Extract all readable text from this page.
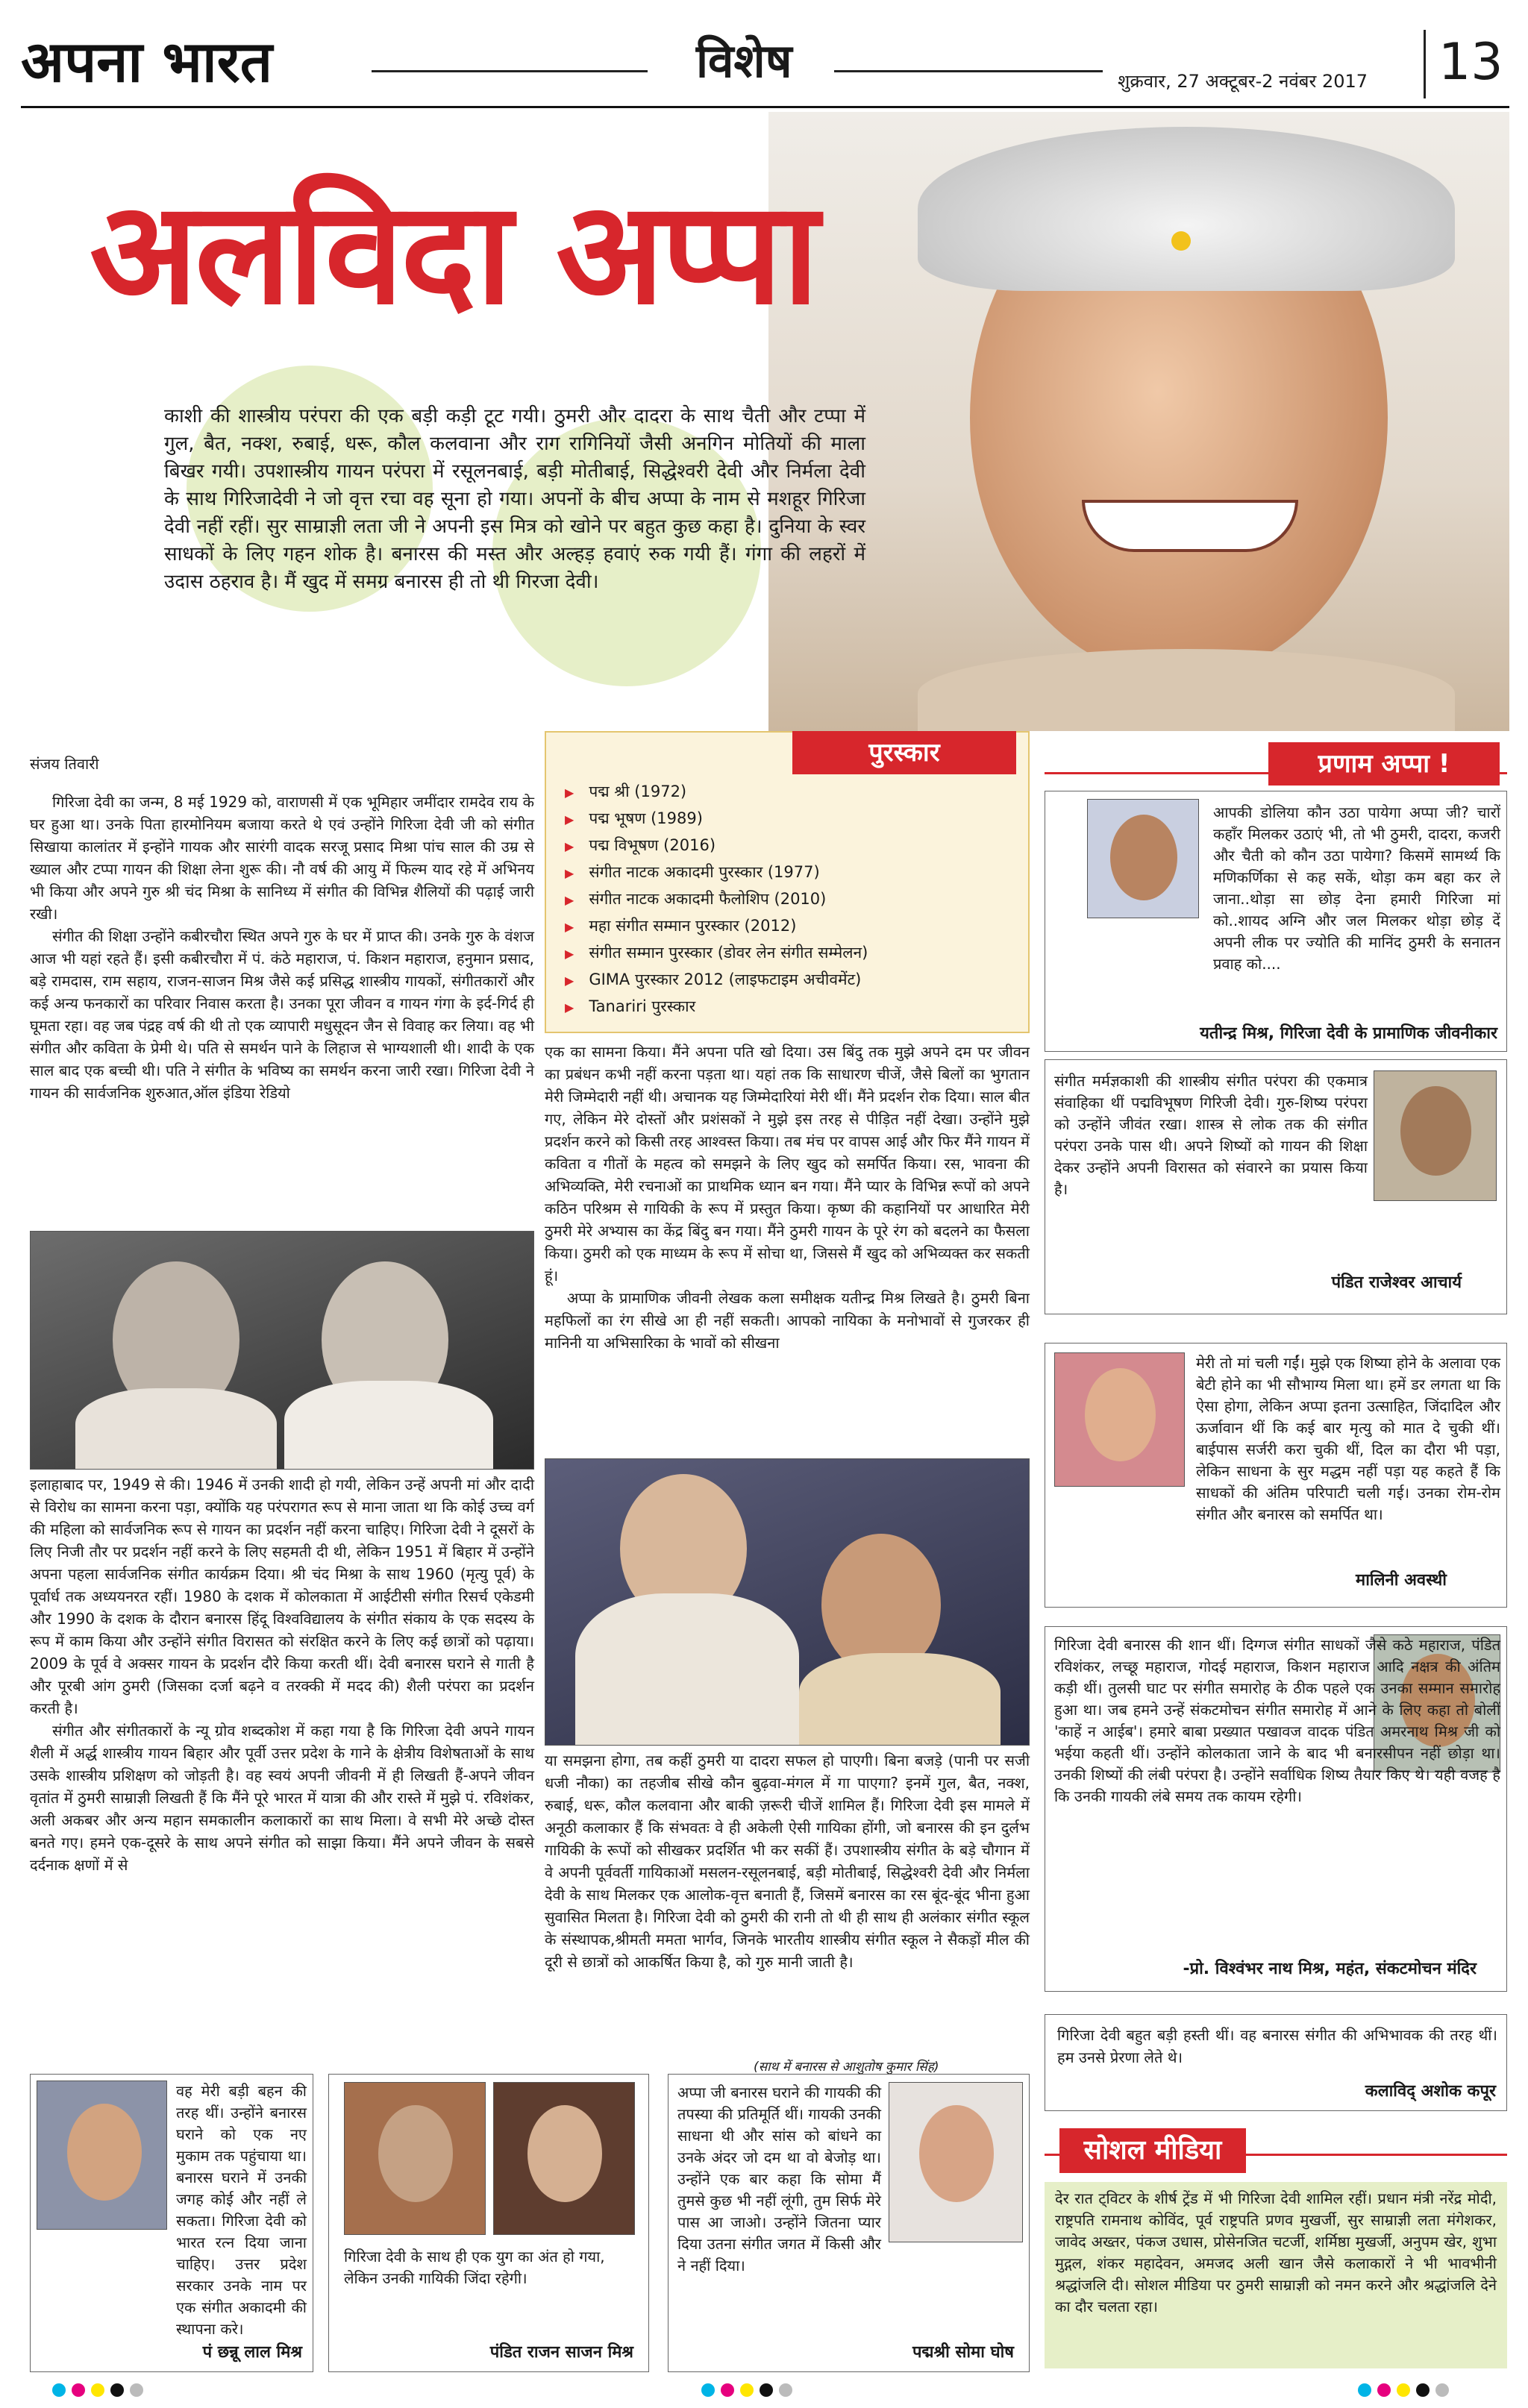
अपना भारत	विशेष	शुक्रवार, 27 अक्टूबर-2 नवंबर 2017 13
अलविदा अप्पा
काशी की शास्त्रीय परंपरा की एक बड़ी कड़ी टूट गयी। ठुमरी और दादरा के साथ चैती और टप्पा में गुल, बैत, नक्श, रुबाई, धरू, कौल कलवाना और राग रागिनियों जैसी अनगिन मोतियों की माला बिखर गयी। उपशास्त्रीय गायन परंपरा में रसूलनबाई, बड़ी मोतीबाई, सिद्धेश्वरी देवी और निर्मला देवी के साथ गिरिजादेवी ने जो वृत्त रचा वह सूना हो गया। अपनों के बीच अप्पा के नाम से मशहूर गिरिजा देवी नहीं रहीं। सुर साम्राज्ञी लता जी ने अपनी इस मित्र को खोने पर बहुत कुछ कहा है। दुनिया के स्वर साधकों के लिए गहन शोक है। बनारस की मस्त और अल्हड़ हवाएं रुक गयी हैं। गंगा की लहरों में उदास ठहराव है। मैं खुद में समग्र बनारस ही तो थी गिरजा देवी।
संजय तिवारी

गिरिजा देवी का जन्म, 8 मई 1929 को, वाराणसी में एक भूमिहार जमींदार रामदेव राय के घर हुआ था। उनके पिता हारमोनियम बजाया करते थे एवं उन्होंने गिरिजा देवी जी को संगीत सिखाया कालांतर में इन्होंने गायक और सारंगी वादक सरजू प्रसाद मिश्रा पांच साल की उम्र से ख्याल और टप्पा गायन की शिक्षा लेना शुरू की। नौ वर्ष की आयु में फिल्म याद रहे में अभिनय भी किया और अपने गुरु श्री चंद मिश्रा के सानिध्य में संगीत की विभिन्न शैलियों की पढ़ाई जारी रखी।

संगीत की शिक्षा उन्होंने कबीरचौरा स्थित अपने गुरु के घर में प्राप्त की। उनके गुरु के वंशज आज भी यहां रहते हैं। इसी कबीरचौरा में पं. कंठे महाराज, पं. किशन महाराज, हनुमान प्रसाद, बड़े रामदास, राम सहाय, राजन-साजन मिश्र जैसे कई प्रसिद्ध शास्त्रीय गायकों, संगीतकारों और कई अन्य फनकारों का परिवार निवास करता है। उनका पूरा जीवन व गायन गंगा के इर्द-गिर्द ही घूमता रहा। वह जब पंद्रह वर्ष की थी तो एक व्यापारी मधुसूदन जैन से विवाह कर लिया। वह भी संगीत और कविता के प्रेमी थे। पति से समर्थन पाने के लिहाज से भाग्यशाली थी। शादी के एक साल बाद एक बच्ची थी। पति ने संगीत के भविष्य का समर्थन करना जारी रखा। गिरिजा देवी ने गायन की सार्वजनिक शुरुआत,ऑल इंडिया रेडियो

इलाहाबाद पर, 1949 से की। 1946 में उनकी शादी हो गयी, लेकिन उन्हें अपनी मां और दादी से विरोध का सामना करना पड़ा, क्योंकि यह परंपरागत रूप से माना जाता था कि कोई उच्च वर्ग की महिला को सार्वजनिक रूप से गायन का प्रदर्शन नहीं करना चाहिए। गिरिजा देवी ने दूसरों के लिए निजी तौर पर प्रदर्शन नहीं करने के लिए सहमती दी थी, लेकिन 1951 में बिहार में उन्होंने अपना पहला सार्वजनिक संगीत कार्यक्रम दिया। श्री चंद मिश्रा के साथ 1960 (मृत्यु पूर्व) के पूर्वार्ध तक अध्ययनरत रहीं। 1980 के दशक में कोलकाता में आईटीसी संगीत रिसर्च एकेडमी और 1990 के दशक के दौरान बनारस हिंदू विश्वविद्यालय के संगीत संकाय के एक सदस्य के रूप में काम किया और उन्होंने संगीत विरासत को संरक्षित करने के लिए कई छात्रों को पढ़ाया। 2009 के पूर्व वे अक्सर गायन के प्रदर्शन दौरे किया करती थीं। देवी बनारस घराने से गाती है और पूरबी आंग ठुमरी (जिसका दर्जा बढ़ने व तरक्की में मदद की) शैली परंपरा का प्रदर्शन करती है।

संगीत और संगीतकारों के न्यू ग्रोव शब्दकोश में कहा गया है कि गिरिजा देवी अपने गायन शैली में अर्द्ध शास्त्रीय गायन बिहार और पूर्वी उत्तर प्रदेश के गाने के क्षेत्रीय विशेषताओं के साथ उसके शास्त्रीय प्रशिक्षण को जोड़ती है। वह स्वयं अपनी जीवनी में ही लिखती हैं-अपने जीवन वृतांत में ठुमरी साम्राज्ञी लिखती हैं कि मैंने पूरे भारत में यात्रा की और रास्ते में मुझे पं. रविशंकर, अली अकबर और अन्य महान समकालीन कलाकारों का साथ मिला। वे सभी मेरे अच्छे दोस्त बनते गए। हमने एक-दूसरे के साथ अपने संगीत को साझा किया। मैंने अपने जीवन के सबसे दर्दनाक क्षणों में से

पुरस्कार
▶ पद्म श्री (1972)
▶ पद्म भूषण (1989)
▶ पद्म विभूषण (2016)
▶ संगीत नाटक अकादमी पुरस्कार (1977)
▶ संगीत नाटक अकादमी फैलोशिप (2010)
▶ महा संगीत सम्मान पुरस्कार (2012)
▶ संगीत सम्मान पुरस्कार (डोवर लेन संगीत सम्मेलन)
▶ GIMA पुरस्कार 2012 (लाइफटाइम अचीवमेंट)
▶ Tanariri पुरस्कार

एक का सामना किया। मैंने अपना पति खो दिया। उस बिंदु तक मुझे अपने दम पर जीवन का प्रबंधन कभी नहीं करना पड़ता था। यहां तक कि साधारण चीजें, जैसे बिलों का भुगतान मेरी जिम्मेदारी नहीं थी। अचानक यह जिम्मेदारियां मेरी थीं। मैंने प्रदर्शन रोक दिया। साल बीत गए, लेकिन मेरे दोस्तों और प्रशंसकों ने मुझे इस तरह से पीड़ित नहीं देखा। उन्होंने मुझे प्रदर्शन करने को किसी तरह आश्वस्त किया। तब मंच पर वापस आई और फिर मैंने गायन में कविता व गीतों के महत्व को समझने के लिए खुद को समर्पित किया। रस, भावना की अभिव्यक्ति, मेरी रचनाओं का प्राथमिक ध्यान बन गया। मैंने प्यार के विभिन्न रूपों को अपने कठिन परिश्रम से गायिकी के रूप में प्रस्तुत किया। कृष्ण की कहानियों पर आधारित मेरी ठुमरी मेरे अभ्यास का केंद्र बिंदु बन गया। मैंने ठुमरी गायन के पूरे रंग को बदलने का फैसला किया। ठुमरी को एक माध्यम के रूप में सोचा था, जिससे मैं खुद को अभिव्यक्त कर सकती हूं।

अप्पा के प्रामाणिक जीवनी लेखक कला समीक्षक यतीन्द्र मिश्र लिखते है। ठुमरी बिना महफिलों का रंग सीखे आ ही नहीं सकती। आपको नायिका के मनोभावों से गुजरकर ही मानिनी या अभिसारिका के भावों को सीखना

या समझना होगा, तब कहीं ठुमरी या दादरा सफल हो पाएगी। बिना बजड़े (पानी पर सजी धजी नौका) का तहजीब सीखे कौन बुढ़वा-मंगल में गा पाएगा? इनमें गुल, बैत, नक्श, रुबाई, धरू, कौल कलवाना और बाकी ज़रूरी चीजें शामिल हैं। गिरिजा देवी इस मामले में अनूठी कलाकार हैं कि संभवतः वे ही अकेली ऐसी गायिका होंगी, जो बनारस की इन दुर्लभ गायिकी के रूपों को सीखकर प्रदर्शित भी कर सकीं हैं। उपशास्त्रीय संगीत के बड़े चौगान में वे अपनी पूर्ववर्ती गायिकाओं मसलन-रसूलनबाई, बड़ी मोतीबाई, सिद्धेश्वरी देवी और निर्मला देवी के साथ मिलकर एक आलोक-वृत्त बनाती हैं, जिसमें बनारस का रस बूंद-बूंद भीना हुआ सुवासित मिलता है। गिरिजा देवी को ठुमरी की रानी तो थी ही साथ ही अलंकार संगीत स्कूल के संस्थापक,श्रीमती ममता भार्गव, जिनके भारतीय शास्त्रीय संगीत स्कूल ने सैकड़ों मील की दूरी से छात्रों को आकर्षित किया है, को गुरु मानी जाती है।

(साथ में बनारस से आशुतोष कुमार सिंह)
प्रणाम अप्पा !
आपकी डोलिया कौन उठा पायेगा अप्पा जी? चारों कहाँर मिलकर उठाएं भी, तो भी ठुमरी, दादरा, कजरी और चैती को कौन उठा पायेगा? किसमें सामर्थ्य कि मणिकर्णिका से कह सकें, थोड़ा कम बहा कर ले जाना..थोड़ा सा छोड़ देना हमारी गिरिजा मां को..शायद अग्नि और जल मिलकर थोड़ा छोड़ दें अपनी लीक पर ज्योति की मानिंद ठुमरी के सनातन प्रवाह को....
यतीन्द्र मिश्र, गिरिजा देवी के प्रामाणिक जीवनीकार
संगीत मर्मज्ञकाशी की शास्त्रीय संगीत परंपरा की एकमात्र संवाहिका थीं पद्मविभूषण गिरिजी देवी। गुरु-शिष्य परंपरा को उन्होंने जीवंत रखा। शास्त्र से लोक तक की संगीत परंपरा उनके पास थी। अपने शिष्यों को गायन की शिक्षा देकर उन्होंने अपनी विरासत को संवारने का प्रयास किया है।
पंडित राजेश्वर आचार्य
मेरी तो मां चली गईं। मुझे एक शिष्या होने के अलावा एक बेटी होने का भी सौभाग्य मिला था। हमें डर लगता था कि ऐसा होगा, लेकिन अप्पा इतना उत्साहित, जिंदादिल और ऊर्जावान थीं कि कई बार मृत्यु को मात दे चुकी थीं। बाईपास सर्जरी करा चुकी थीं, दिल का दौरा भी पड़ा, लेकिन साधना के सुर मद्धम नहीं पड़ा यह कहते हैं कि साधकों की अंतिम परिपाटी चली गई। उनका रोम-रोम संगीत और बनारस को समर्पित था।
मालिनी अवस्थी
गिरिजा देवी बनारस की शान थीं। दिग्गज संगीत साधकों जैसे कठे महाराज, पंडित रविशंकर, लच्छू महाराज, गोदई महाराज, किशन महाराज आदि नक्षत्र की अंतिम कड़ी थीं। तुलसी घाट पर संगीत समारोह के ठीक पहले एक उनका सम्मान समारोह हुआ था। जब हमने उन्हें संकटमोचन संगीत समारोह में आने के लिए कहा तो बोलीं 'काहें न आईब'। हमारे बाबा प्रख्यात पखावज वादक पंडित अमरनाथ मिश्र जी को भईया कहती थीं। उन्होंने कोलकाता जाने के बाद भी बनारसीपन नहीं छोड़ा था। उनकी शिष्यों की लंबी परंपरा है। उन्होंने सर्वाधिक शिष्य तैयार किए थे। यही वजह है कि उनकी गायकी लंबे समय तक कायम रहेगी।
-प्रो. विश्वंभर नाथ मिश्र, महंत, संकटमोचन मंदिर
गिरिजा देवी बहुत बड़ी हस्ती थीं। वह बनारस संगीत की अभिभावक की तरह थीं। हम उनसे प्रेरणा लेते थे।
कलाविद् अशोक कपूर
सोशल मीडिया
देर रात ट्विटर के शीर्ष ट्रेंड में भी गिरिजा देवी शामिल रहीं। प्रधान मंत्री नरेंद्र मोदी, राष्ट्रपति रामनाथ कोविंद, पूर्व राष्ट्रपति प्रणव मुखर्जी, सुर साम्राज्ञी लता मंगेशकर, जावेद अख्तर, पंकज उधास, प्रोसेनजित चटर्जी, शर्मिष्ठा मुखर्जी, अनुपम खेर, शुभा मुद्गल, शंकर महादेवन, अमजद अली खान जैसे कलाकारों ने भी भावभीनी श्रद्धांजलि दी। सोशल मीडिया पर ठुमरी साम्राज्ञी को नमन करने और श्रद्धांजलि देने का दौर चलता रहा।
वह मेरी बड़ी बहन की तरह थीं। उन्होंने बनारस घराने को एक नए मुकाम तक पहुंचाया था। बनारस घराने में उनकी जगह कोई और नहीं ले सकता। गिरिजा देवी को भारत रत्न दिया जाना चाहिए। उत्तर प्रदेश सरकार उनके नाम पर एक संगीत अकादमी की स्थापना करे।
पं छन्नू लाल मिश्र
गिरिजा देवी के साथ ही एक युग का अंत हो गया, लेकिन उनकी गायिकी जिंदा रहेगी।
पंडित राजन साजन मिश्र
अप्पा जी बनारस घराने की गायकी की तपस्या की प्रतिमूर्ति थीं। गायकी उनकी साधना थी और सांस को बांधने का उनके अंदर जो दम था वो बेजोड़ था। उन्होंने एक बार कहा कि सोमा मैं तुमसे कुछ भी नहीं लूंगी, तुम सिर्फ मेरे पास आ जाओ। उन्होंने जितना प्यार दिया उतना संगीत जगत में किसी और ने नहीं दिया।
पद्मश्री सोमा घोष
